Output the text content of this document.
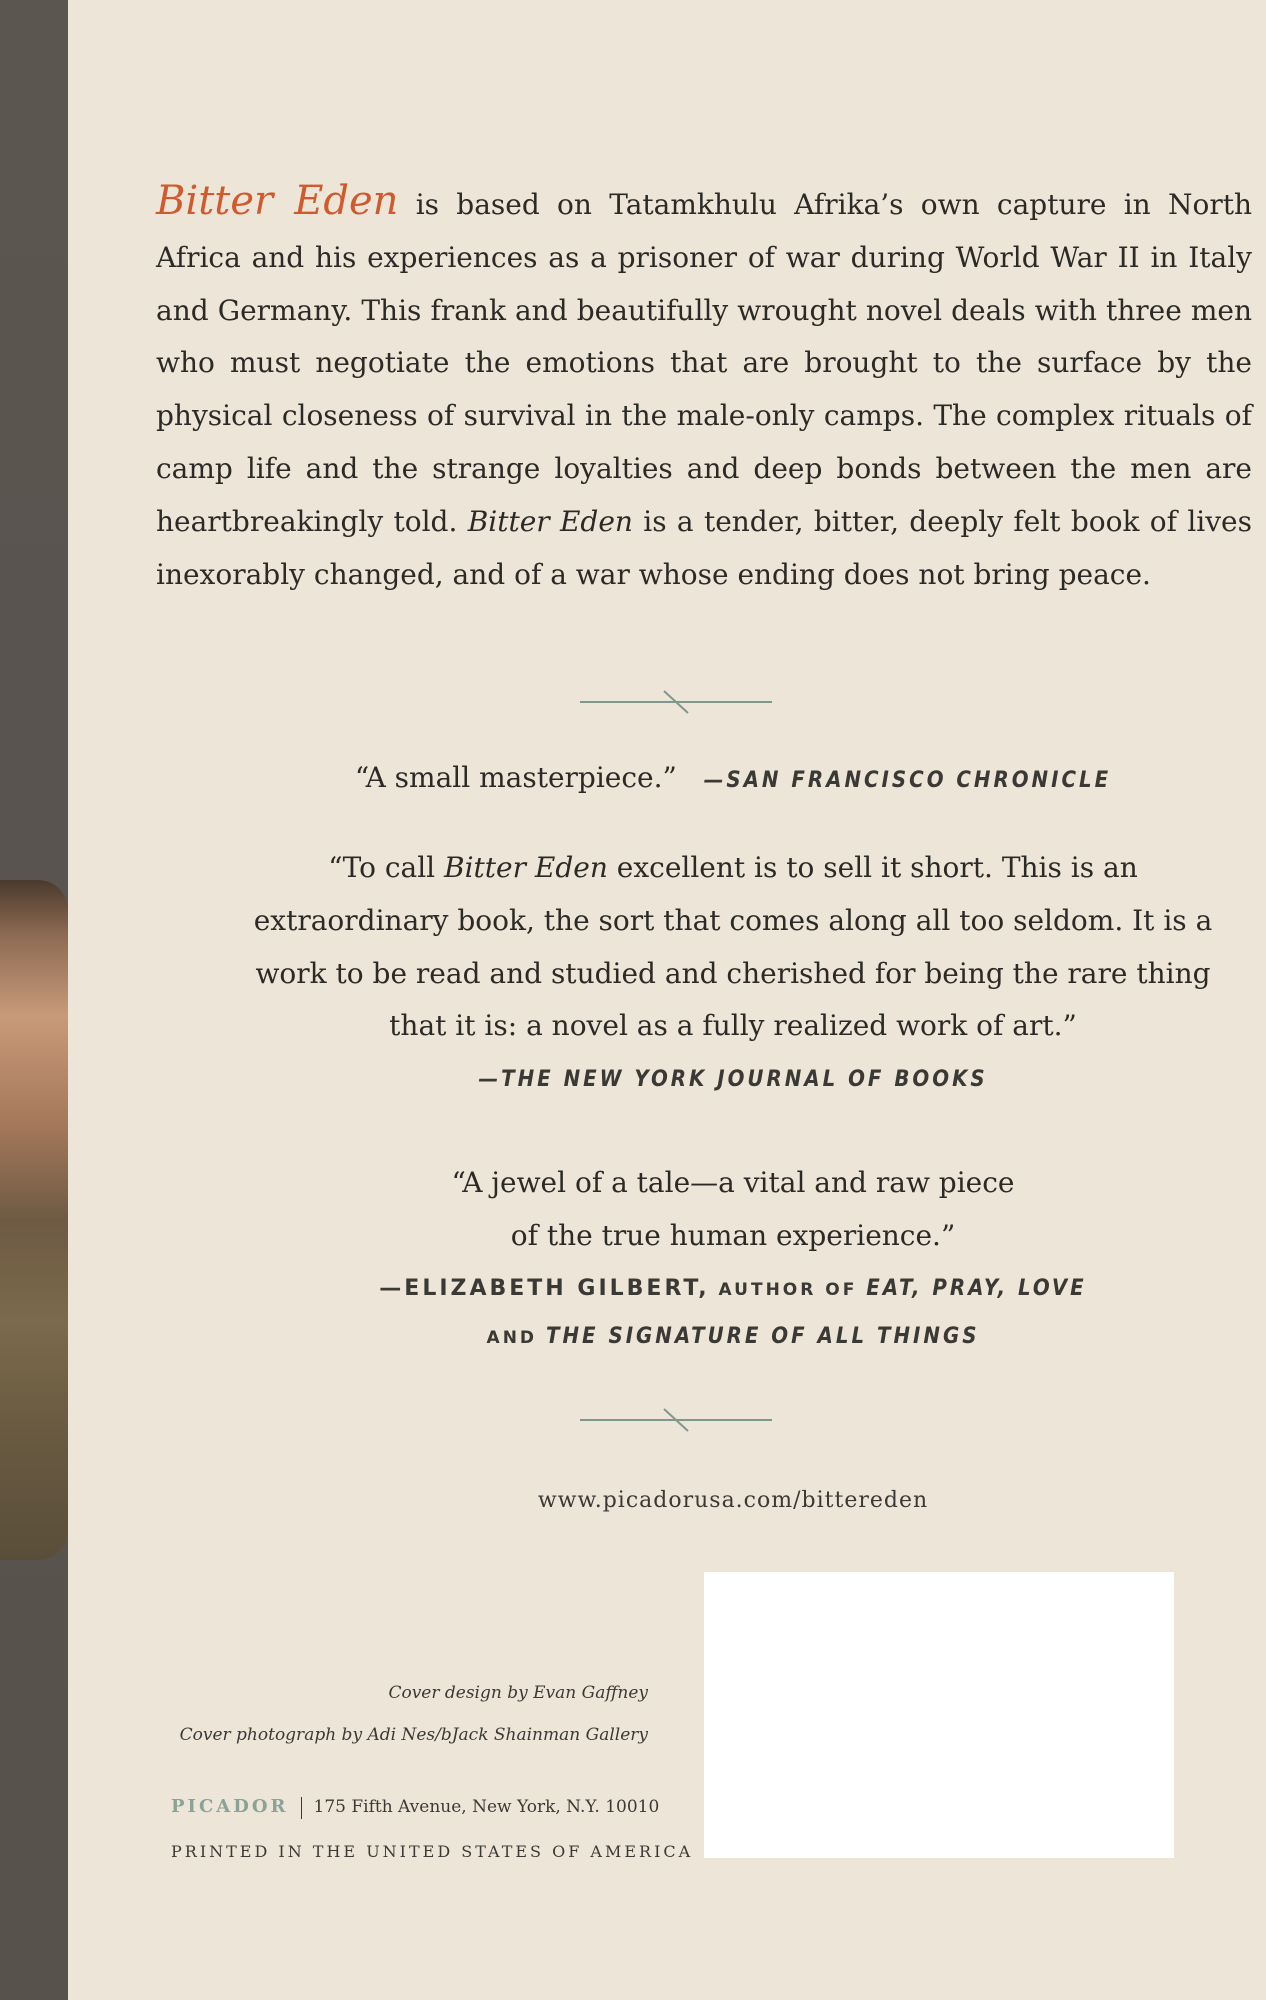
Bitter Eden is based on Tatamkhulu Afrika’s own capture in North Africa and his experiences as a prisoner of war during World War II in Italy and Germany. This frank and beautifully wrought novel deals with three men who must negotiate the emotions that are brought to the surface by the physical closeness of survival in the male-only camps. The complex rituals of camp life and the strange loyalties and deep bonds between the men are heartbreakingly told. Bitter Eden is a tender, bitter, deeply felt book of lives inexorably changed, and of a war whose ending does not bring peace.

“A small masterpiece.” —SAN FRANCISCO CHRONICLE

“To call Bitter Eden excellent is to sell it short. This is an extraordinary book, the sort that comes along all too seldom. It is a work to be read and studied and cherished for being the rare thing that it is: a novel as a fully realized work of art.”

—THE NEW YORK JOURNAL OF BOOKS

“A jewel of a tale—a vital and raw piece
of the true human experience.”

—ELIZABETH GILBERT, AUTHOR OF EAT, PRAY, LOVE

AND THE SIGNATURE OF ALL THINGS

www.picadorusa.com/bittereden

Cover design by Evan Gaffney

Cover photograph by Adi Nes/bJack Shainman Gallery

PICADOR 175 Fifth Avenue, New York, N.Y. 10010

PRINTED IN THE UNITED STATES OF AMERICA
